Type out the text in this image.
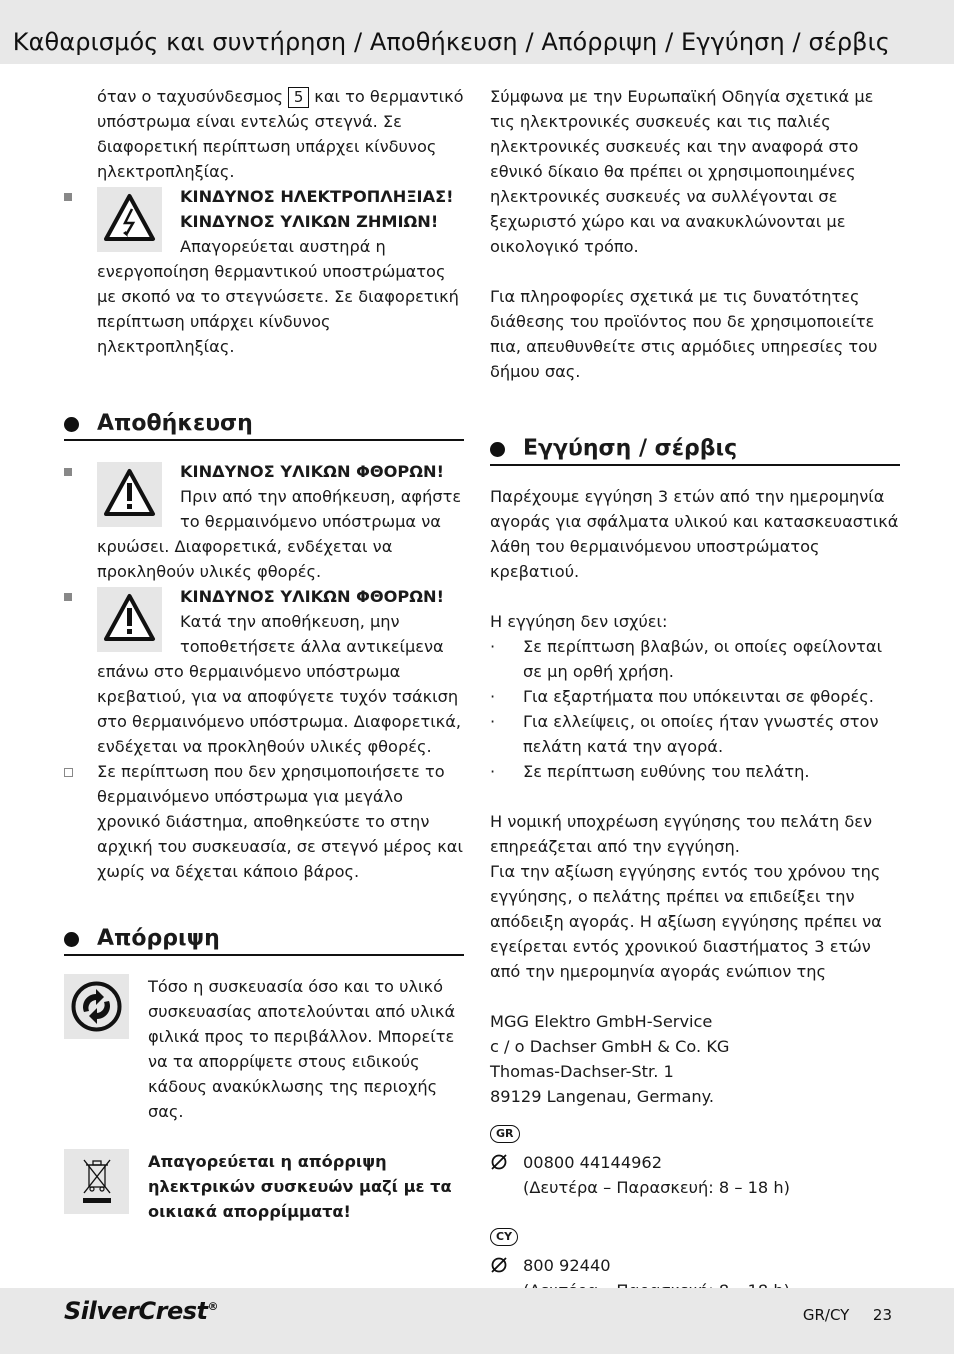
Καθαρισμός και συντήρηση / Αποθήκευση / Απόρριψη / Εγγύηση / σέρβις

όταν ο ταχυσύνδεσμος 5 και το θερμαντικό υπόστρωμα είναι εντελώς στεγνά. Σε διαφορετική περίπτωση υπάρχει κίνδυνος ηλεκτροπληξίας.

ΚΙΝΔΥΝΟΣ ΗΛΕΚΤΡΟΠΛΗΞΙΑΣ! ΚΙΝΔΥΝΟΣ ΥΛΙΚΩΝ ΖΗΜΙΩΝ! Απαγορεύεται αυστηρά η ενεργοποίηση θερμαντικού υποστρώματος με σκοπό να το στεγνώσετε. Σε διαφορετική περίπτωση υπάρχει κίνδυνος ηλεκτροπληξίας.
Αποθήκευση
ΚΙΝΔΥΝΟΣ ΥΛΙΚΩΝ ΦΘΟΡΩΝ! Πριν από την αποθήκευση, αφήστε το θερμαινόμενο υπόστρωμα να κρυώσει. Διαφορετικά, ενδέχεται να προκληθούν υλικές φθορές.
ΚΙΝΔΥΝΟΣ ΥΛΙΚΩΝ ΦΘΟΡΩΝ! Κατά την αποθήκευση, μην τοποθετήσετε άλλα αντικείμενα επάνω στο θερμαινόμενο υπόστρωμα κρεβατιού, για να αποφύγετε τυχόν τσάκιση στο θερμαινόμενο υπόστρωμα. Διαφορετικά, ενδέχεται να προκληθούν υλικές φθορές.
Σε περίπτωση που δεν χρησιμοποιήσετε το θερμαινόμενο υπόστρωμα για μεγάλο χρονικό διάστημα, αποθηκεύστε το στην αρχική του συσκευασία, σε στεγνό μέρος και χωρίς να δέχεται κάποιο βάρος.
Απόρριψη

Τόσο η συσκευασία όσο και το υλικό συσκευασίας αποτελούνται από υλικά φιλικά προς το περιβάλλον. Μπορείτε να τα απορρίψετε στους ειδικούς κάδους ανακύκλωσης της περιοχής σας.

Απαγορεύεται η απόρριψη ηλεκτρικών συσκευών μαζί με τα οικιακά απορρίμματα!

Σύμφωνα με την Ευρωπαϊκή Οδηγία σχετικά με τις ηλεκτρονικές συσκευές και τις παλιές ηλεκτρονικές συσκευές και την αναφορά στο εθνικό δίκαιο θα πρέπει οι χρησιμοποιημένες ηλεκτρονικές συσκευές να συλλέγονται σε ξεχωριστό χώρο και να ανακυκλώνονται με οικολογικό τρόπο.

Για πληροφορίες σχετικά με τις δυνατότητες διάθεσης του προϊόντος που δε χρησιμοποιείτε πια, απευθυνθείτε στις αρμόδιες υπηρεσίες του δήμου σας.

Εγγύηση / σέρβις

Παρέχουμε εγγύηση 3 ετών από την ημερομηνία αγοράς για σφάλματα υλικού και κατασκευαστικά λάθη του θερμαινόμενου υποστρώματος κρεβατιού.

Η εγγύηση δεν ισχύει:

· Σε περίπτωση βλαβών, οι οποίες οφείλονται σε μη ορθή χρήση.
· Για εξαρτήματα που υπόκεινται σε φθορές.
· Για ελλείψεις, οι οποίες ήταν γνωστές στον πελάτη κατά την αγορά.
· Σε περίπτωση ευθύνης του πελάτη.

Η νομική υποχρέωση εγγύησης του πελάτη δεν επηρεάζεται από την εγγύηση.

Για την αξίωση εγγύησης εντός του χρόνου της εγγύησης, ο πελάτης πρέπει να επιδείξει την απόδειξη αγοράς. Η αξίωση εγγύησης πρέπει να εγείρεται εντός χρονικού διαστήματος 3 ετών από την ημερομηνία αγοράς ενώπιον της

MGG Elektro GmbH-Service

c / o Dachser GmbH & Co. KG

Thomas-Dachser-Str. 1

89129 Langenau, Germany.

GR

00800 44144962

(Δευτέρα – Παρασκευή: 8 – 18 h)

CY

800 92440

SilverCrest®	GR/CY 23
